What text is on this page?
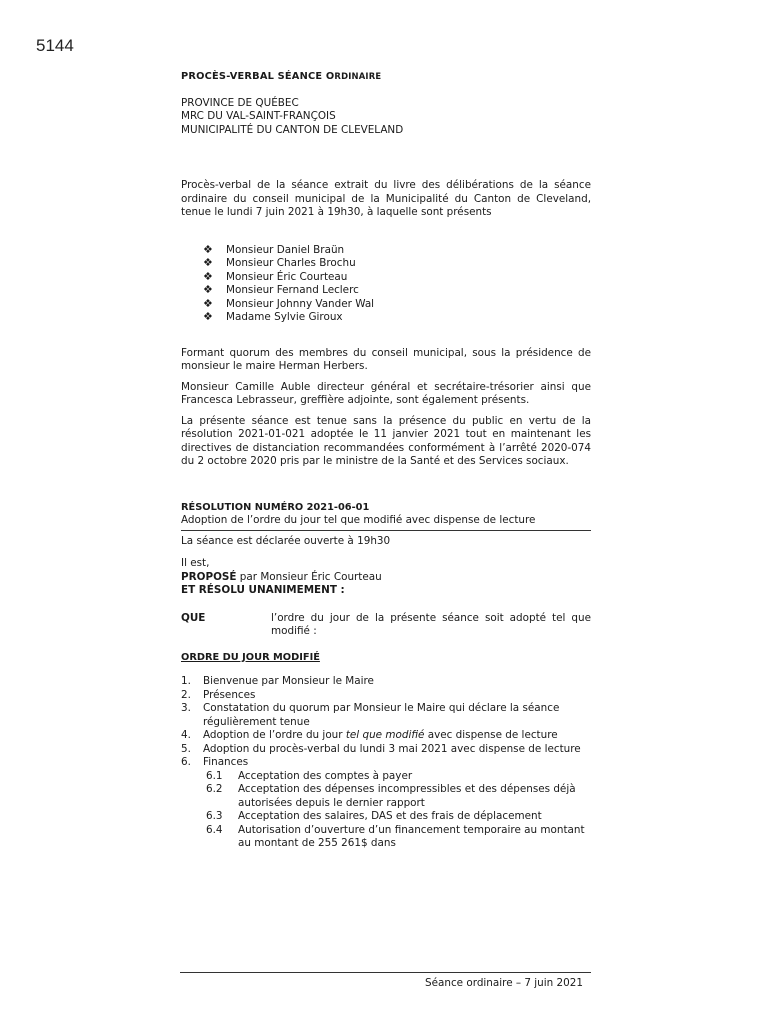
5144

PROCÈS-VERBAL SÉANCE ORDINAIRE

PROVINCE DE QUÉBEC

MRC DU VAL-SAINT-FRANÇOIS

MUNICIPALITÉ DU CANTON DE CLEVELAND

Procès-verbal de la séance extrait du livre des délibérations de la séance ordinaire du conseil municipal de la Municipalité du Canton de Cleveland, tenue le lundi 7 juin 2021 à 19h30, à laquelle sont présents

❖ Monsieur Daniel Braün
❖ Monsieur Charles Brochu
❖ Monsieur Éric Courteau
❖ Monsieur Fernand Leclerc
❖ Monsieur Johnny Vander Wal
❖ Madame Sylvie Giroux

Formant quorum des membres du conseil municipal, sous la présidence de monsieur le maire Herman Herbers.

Monsieur Camille Auble directeur général et secrétaire-trésorier ainsi que Francesca Lebrasseur, greffière adjointe, sont également présents.

La présente séance est tenue sans la présence du public en vertu de la résolution 2021-01-021 adoptée le 11 janvier 2021 tout en maintenant les directives de distanciation recommandées conformément à l’arrêté 2020-074 du 2 octobre 2020 pris par le ministre de la Santé et des Services sociaux.

RÉSOLUTION NUMÉRO 2021-06-01

Adoption de l’ordre du jour tel que modifié avec dispense de lecture

La séance est déclarée ouverte à 19h30

Il est,

PROPOSÉ par Monsieur Éric Courteau

ET RÉSOLU UNANIMEMENT :

QUE	l’ordre du jour de la présente séance soit adopté tel que modifié :

ORDRE DU JOUR MODIFIÉ

1.	Bienvenue par Monsieur le Maire
2.	Présences
3.	Constatation du quorum par Monsieur le Maire qui déclare la séance régulièrement tenue
4.	Adoption de l’ordre du jour tel que modifié avec dispense de lecture
5.	Adoption du procès-verbal du lundi 3 mai 2021 avec dispense de lecture
6.	Finances
6.1	Acceptation des comptes à payer
6.2	Acceptation des dépenses incompressibles et des dépenses déjà autorisées depuis le dernier rapport
6.3	Acceptation des salaires, DAS et des frais de déplacement
6.4	Autorisation d’ouverture d’un financement temporaire au montant au montant de 255 261$ dans
Séance ordinaire – 7 juin 2021
